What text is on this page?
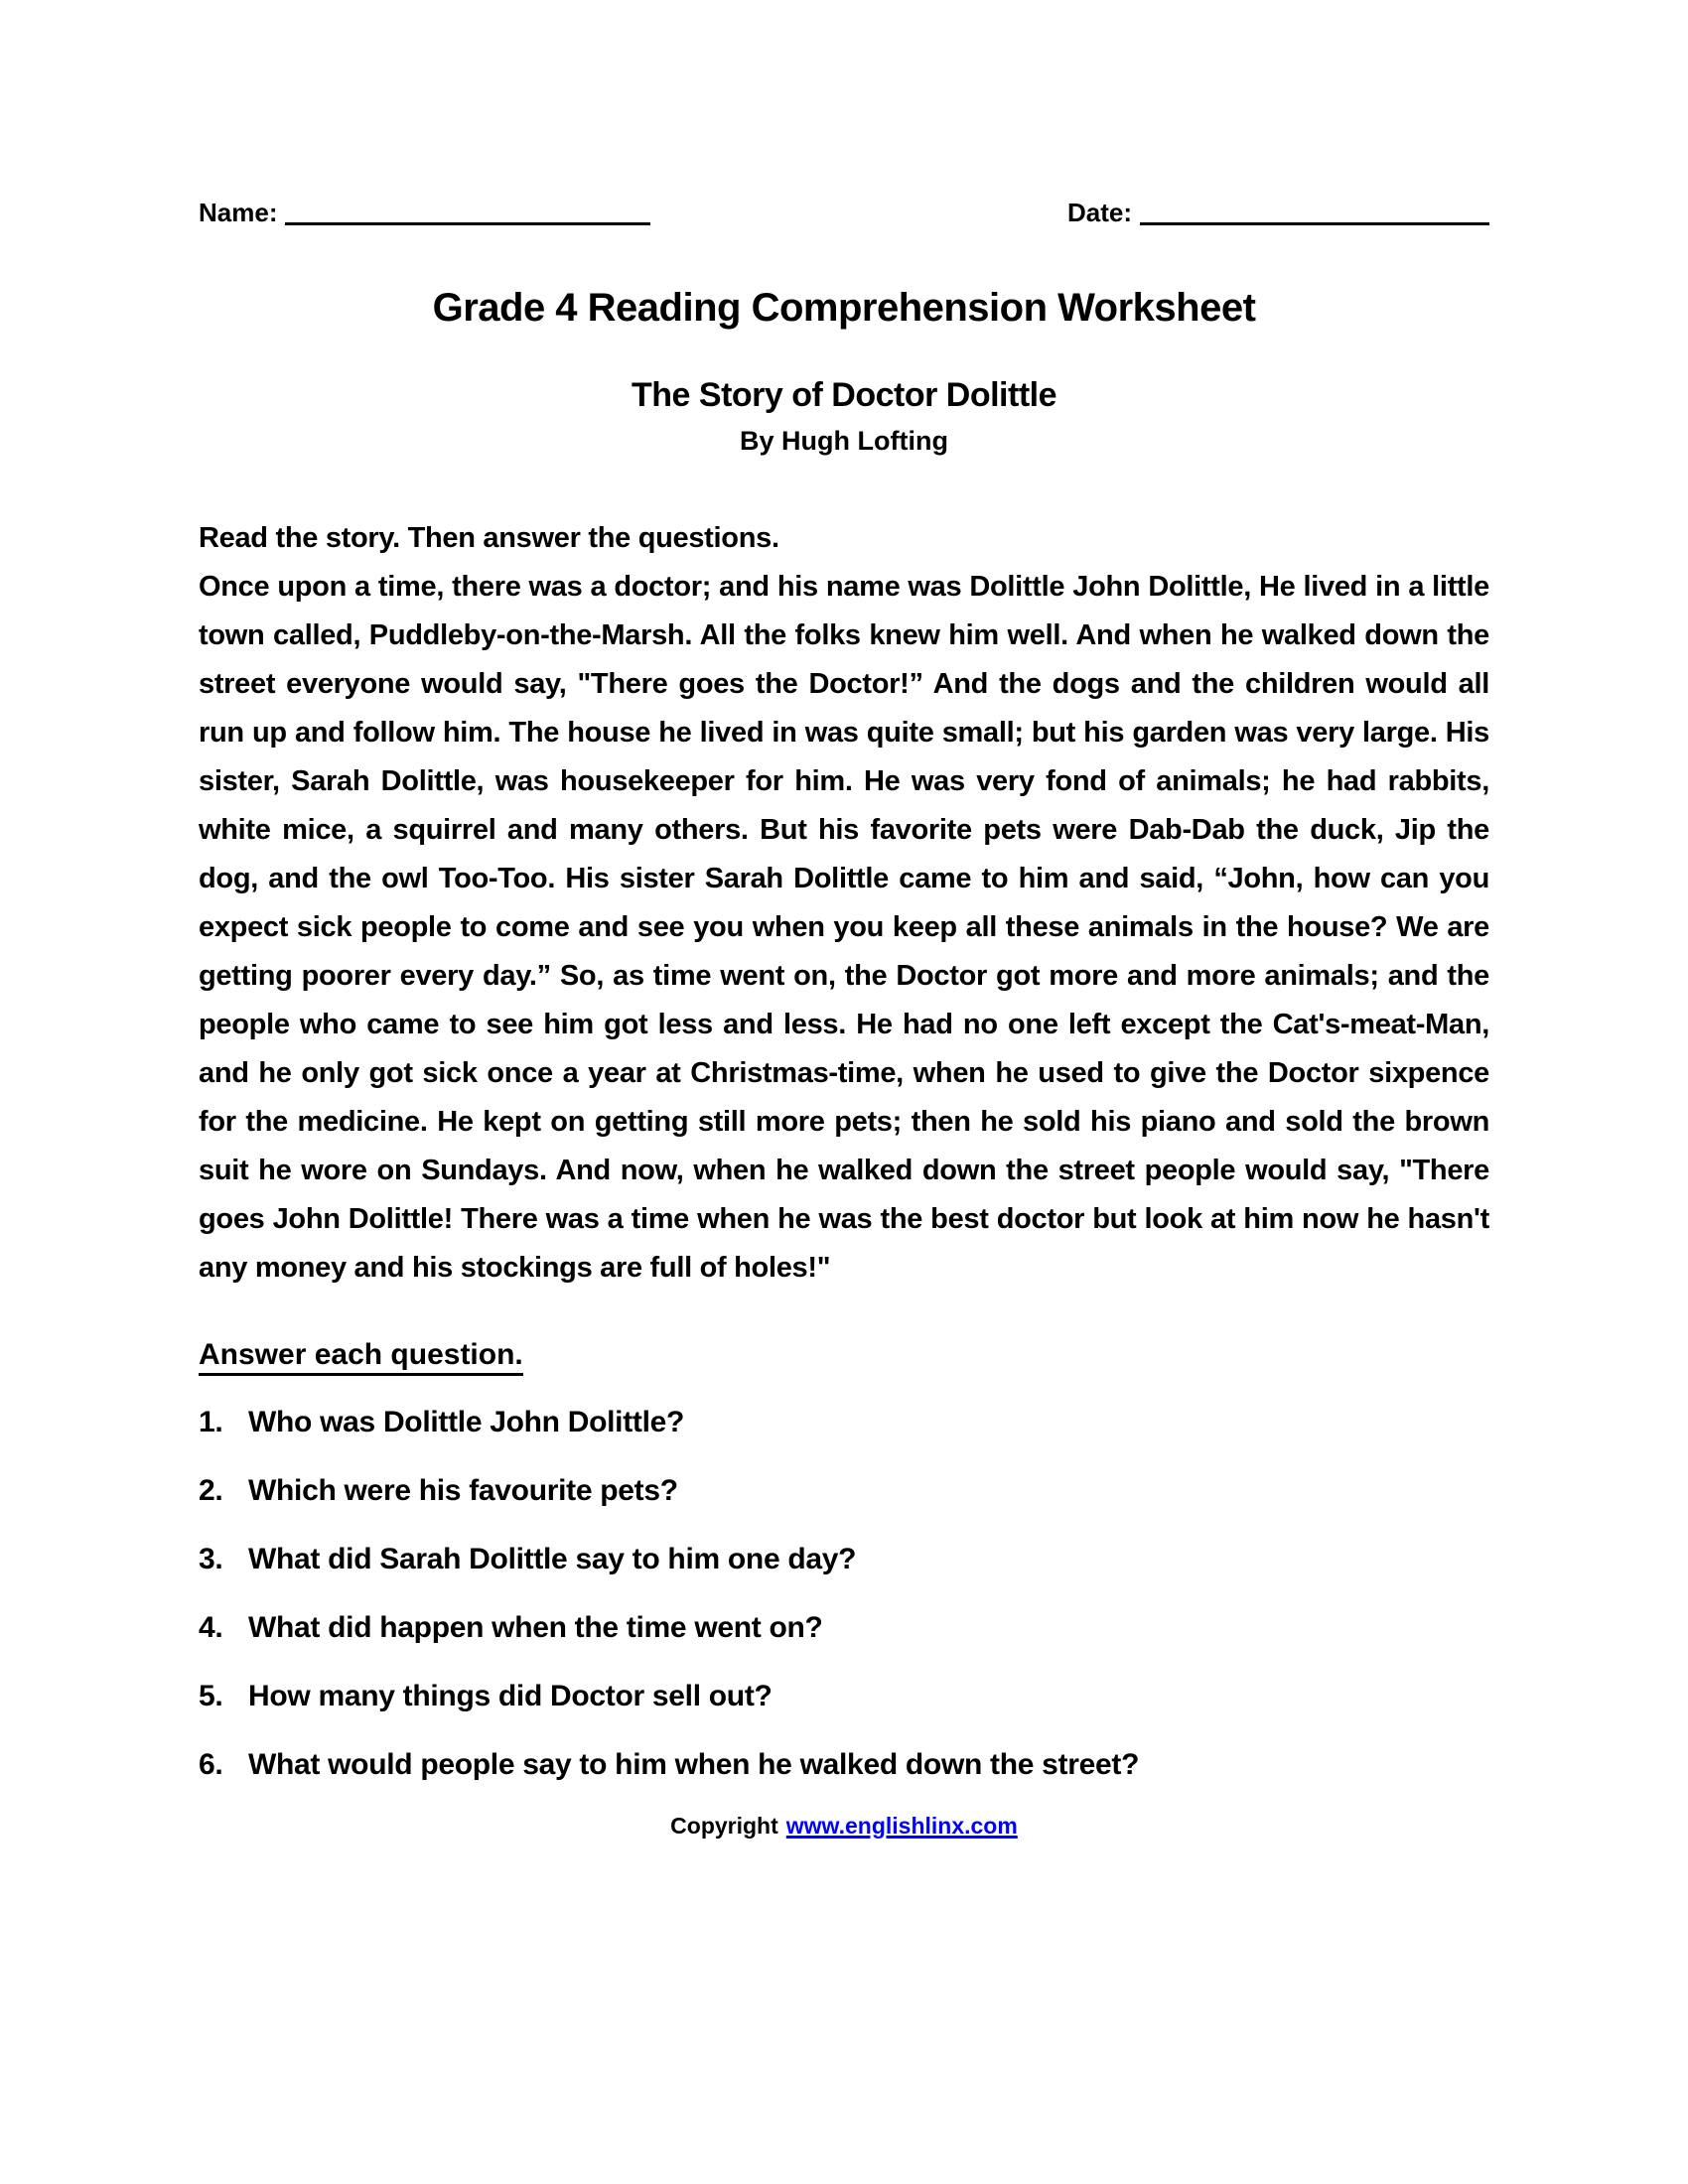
Name:	Date:
Grade 4 Reading Comprehension Worksheet
The Story of Doctor Dolittle
By Hugh Lofting

Read the story. Then answer the questions.

Once upon a time, there was a doctor; and his name was Dolittle John Dolittle, He lived in a little town called, Puddleby-on-the-Marsh. All the folks knew him well. And when he walked down the street everyone would say, "There goes the Doctor!” And the dogs and the children would all run up and follow him. The house he lived in was quite small; but his garden was very large. His sister, Sarah Dolittle, was housekeeper for him. He was very fond of animals; he had rabbits, white mice, a squirrel and many others. But his favorite pets were Dab-Dab the duck, Jip the dog, and the owl Too-Too. His sister Sarah Dolittle came to him and said, “John, how can you expect sick people to come and see you when you keep all these animals in the house? We are getting poorer every day.” So, as time went on, the Doctor got more and more animals; and the people who came to see him got less and less. He had no one left except the Cat's-meat-Man, and he only got sick once a year at Christmas-time, when he used to give the Doctor sixpence for the medicine. He kept on getting still more pets; then he sold his piano and sold the brown suit he wore on Sundays. And now, when he walked down the street people would say, "There goes John Dolittle! There was a time when he was the best doctor but look at him now he hasn't any money and his stockings are full of holes!"

Answer each question.

1. Who was Dolittle John Dolittle?
2. Which were his favourite pets?
3. What did Sarah Dolittle say to him one day?
4. What did happen when the time went on?
5. How many things did Doctor sell out?
6. What would people say to him when he walked down the street?

Copyright www.englishlinx.com
